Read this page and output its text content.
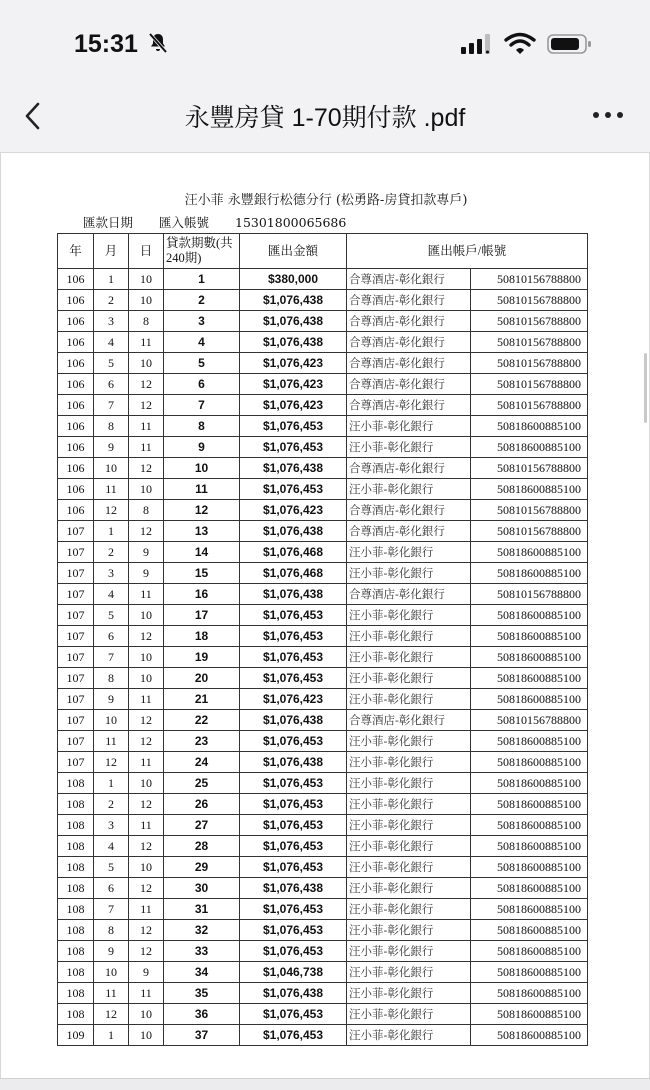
15:31
永豐房貸 1-70期付款 .pdf
汪小菲 永豐銀行松德分行 (松勇路-房貸扣款專戶)
匯款日期 匯入帳號 15301800065686
年	月	日	貸款期數(共240期)	匯出金額	匯出帳戶/帳號	
106	1	10	1	$380,000	合尊酒店-彰化銀行	50810156788800
106	2	10	2	$1,076,438	合尊酒店-彰化銀行	50810156788800
106	3	8	3	$1,076,438	合尊酒店-彰化銀行	50810156788800
106	4	11	4	$1,076,438	合尊酒店-彰化銀行	50810156788800
106	5	10	5	$1,076,423	合尊酒店-彰化銀行	50810156788800
106	6	12	6	$1,076,423	合尊酒店-彰化銀行	50810156788800
106	7	12	7	$1,076,423	合尊酒店-彰化銀行	50810156788800
106	8	11	8	$1,076,453	汪小菲-彰化銀行	50818600885100
106	9	11	9	$1,076,453	汪小菲-彰化銀行	50818600885100
106	10	12	10	$1,076,438	合尊酒店-彰化銀行	50810156788800
106	11	10	11	$1,076,453	汪小菲-彰化銀行	50818600885100
106	12	8	12	$1,076,423	合尊酒店-彰化銀行	50810156788800
107	1	12	13	$1,076,438	合尊酒店-彰化銀行	50810156788800
107	2	9	14	$1,076,468	汪小菲-彰化銀行	50818600885100
107	3	9	15	$1,076,468	汪小菲-彰化銀行	50818600885100
107	4	11	16	$1,076,438	合尊酒店-彰化銀行	50810156788800
107	5	10	17	$1,076,453	汪小菲-彰化銀行	50818600885100
107	6	12	18	$1,076,453	汪小菲-彰化銀行	50818600885100
107	7	10	19	$1,076,453	汪小菲-彰化銀行	50818600885100
107	8	10	20	$1,076,453	汪小菲-彰化銀行	50818600885100
107	9	11	21	$1,076,423	汪小菲-彰化銀行	50818600885100
107	10	12	22	$1,076,438	合尊酒店-彰化銀行	50810156788800
107	11	12	23	$1,076,453	汪小菲-彰化銀行	50818600885100
107	12	11	24	$1,076,438	汪小菲-彰化銀行	50818600885100
108	1	10	25	$1,076,453	汪小菲-彰化銀行	50818600885100
108	2	12	26	$1,076,453	汪小菲-彰化銀行	50818600885100
108	3	11	27	$1,076,453	汪小菲-彰化銀行	50818600885100
108	4	12	28	$1,076,453	汪小菲-彰化銀行	50818600885100
108	5	10	29	$1,076,453	汪小菲-彰化銀行	50818600885100
108	6	12	30	$1,076,438	汪小菲-彰化銀行	50818600885100
108	7	11	31	$1,076,453	汪小菲-彰化銀行	50818600885100
108	8	12	32	$1,076,453	汪小菲-彰化銀行	50818600885100
108	9	12	33	$1,076,453	汪小菲-彰化銀行	50818600885100
108	10	9	34	$1,046,738	汪小菲-彰化銀行	50818600885100
108	11	11	35	$1,076,438	汪小菲-彰化銀行	50818600885100
108	12	10	36	$1,076,453	汪小菲-彰化銀行	50818600885100
109	1	10	37	$1,076,453	汪小菲-彰化銀行	50818600885100
